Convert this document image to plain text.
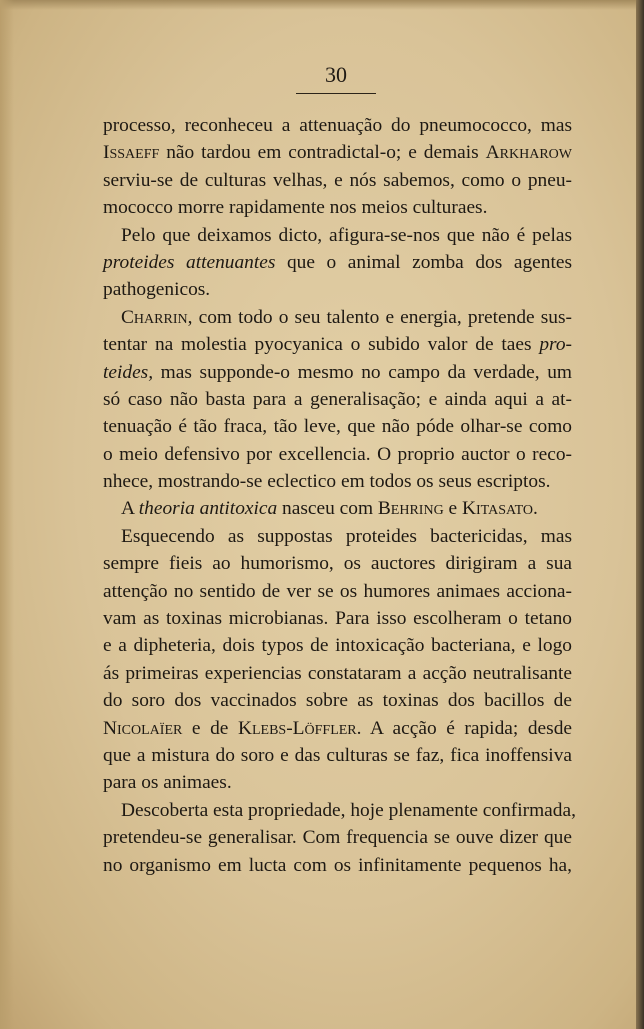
30
processo, reconheceu a attenuação do pneumococco, mas
Issaeff não tardou em contradictal-o; e demais Arkharow
serviu-se de culturas velhas, e nós sabemos, como o pneu-
mococco morre rapidamente nos meios culturaes.
Pelo que deixamos dicto, afigura-se-nos que não é pelas
proteides attenuantes que o animal zomba dos agentes
pathogenicos.
Charrin, com todo o seu talento e energia, pretende sus-
tentar na molestia pyocyanica o subido valor de taes pro-
teides, mas supponde-o mesmo no campo da verdade, um
só caso não basta para a generalisação; e ainda aqui a at-
tenuação é tão fraca, tão leve, que não póde olhar-se como
o meio defensivo por excellencia. O proprio auctor o reco-
nhece, mostrando-se eclectico em todos os seus escriptos.
A theoria antitoxica nasceu com Behring e Kitasato.
Esquecendo as suppostas proteides bactericidas, mas
sempre fieis ao humorismo, os auctores dirigiram a sua
attenção no sentido de ver se os humores animaes acciona-
vam as toxinas microbianas. Para isso escolheram o tetano
e a dipheteria, dois typos de intoxicação bacteriana, e logo
ás primeiras experiencias constataram a acção neutralisante
do soro dos vaccinados sobre as toxinas dos bacillos de
Nicolaïer e de Klebs-Löffler. A acção é rapida; desde
que a mistura do soro e das culturas se faz, fica inoffensiva
para os animaes.
Descoberta esta propriedade, hoje plenamente confirmada,
pretendeu-se generalisar. Com frequencia se ouve dizer que
no organismo em lucta com os infinitamente pequenos ha,
